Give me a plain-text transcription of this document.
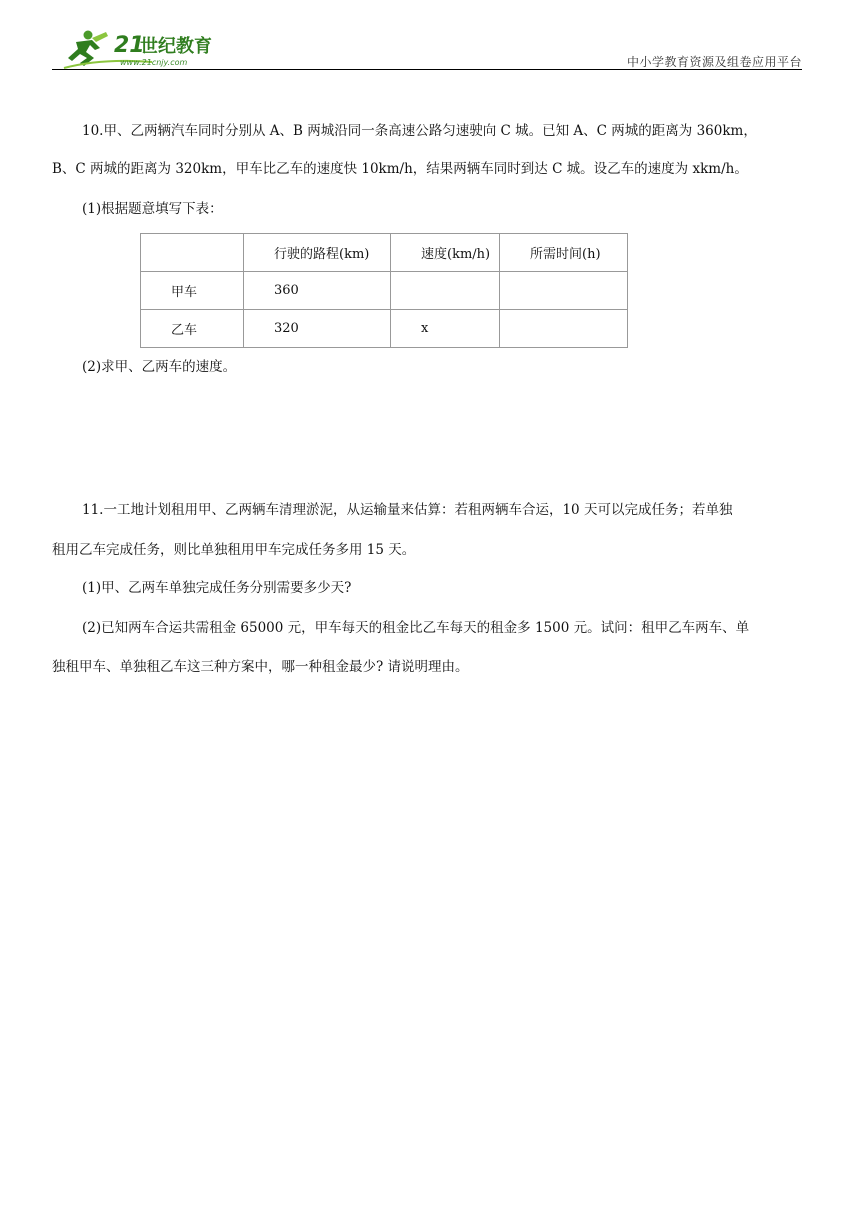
21
世纪教育
www.21cnjy.com	中小学教育资源及组卷应用平台
10.甲、乙两辆汽车同时分别从 A、B 两城沿同一条高速公路匀速驶向 C 城。已知 A、C 两城的距离为 360km，
B、C 两城的距离为 320km，甲车比乙车的速度快 10km/h，结果两辆车同时到达 C 城。设乙车的速度为 xkm/h。
(1)根据题意填写下表：
	行驶的路程(km)	速度(km/h)	所需时间(h)
甲车	360		
乙车	320	x	
(2)求甲、乙两车的速度。
11.一工地计划租用甲、乙两辆车清理淤泥，从运输量来估算：若租两辆车合运，10 天可以完成任务；若单独
租用乙车完成任务，则比单独租用甲车完成任务多用 15 天。
(1)甲、乙两车单独完成任务分别需要多少天?
(2)已知两车合运共需租金 65000 元，甲车每天的租金比乙车每天的租金多 1500 元。试问：租甲乙车两车、单
独租甲车、单独租乙车这三种方案中，哪一种租金最少? 请说明理由。
